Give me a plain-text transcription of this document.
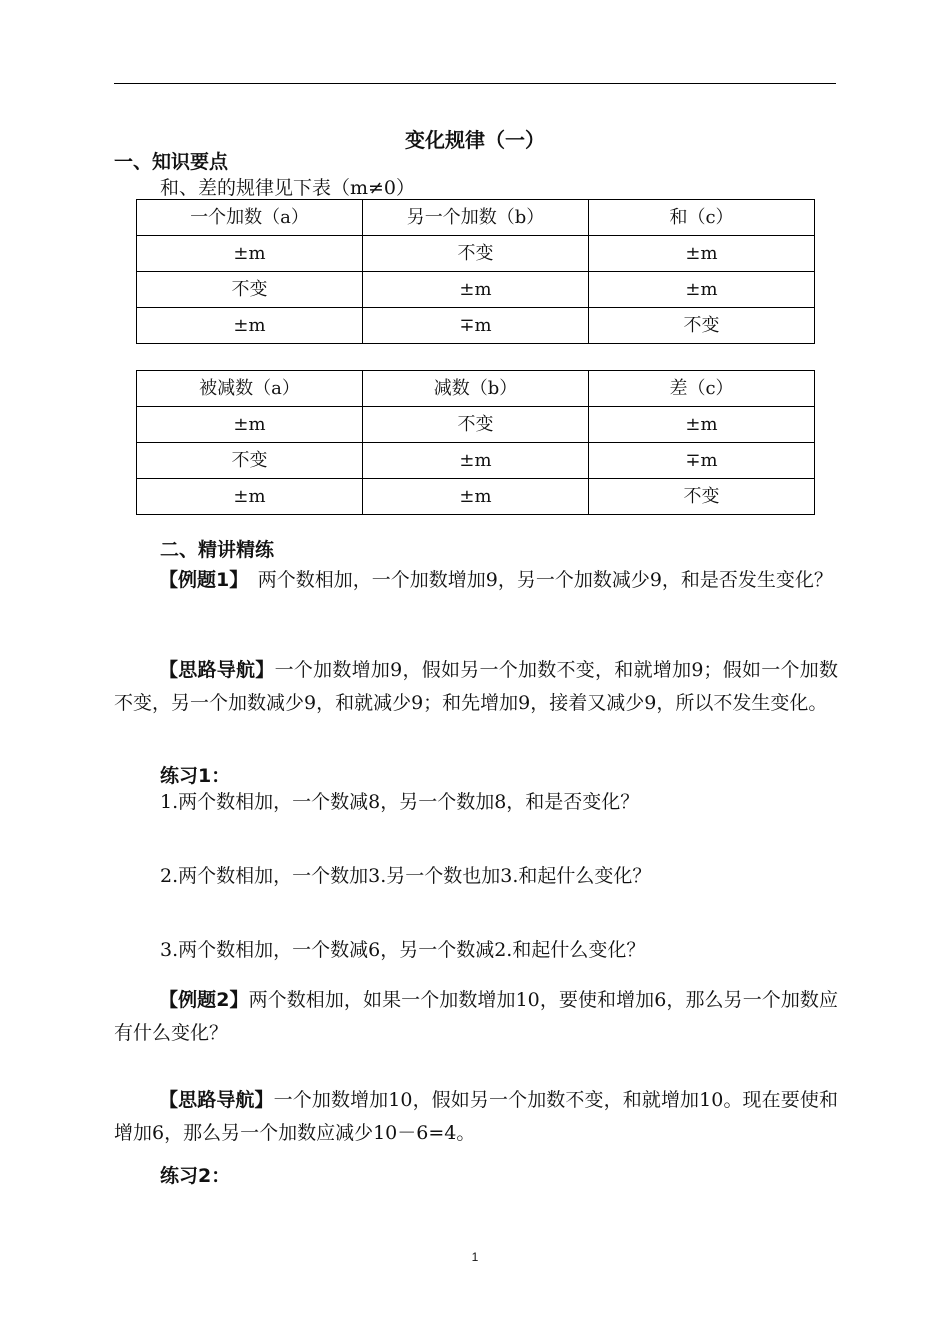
变化规律（一）
一、知识要点
和、差的规律见下表（m≠0）
一个加数（a）	另一个加数（b）	和（c）
±m	不变	±m
不变	±m	±m
±m	∓m	不变
被减数（a）	减数（b）	差（c）
±m	不变	±m
不变	±m	∓m
±m	±m	不变
二、精讲精练
【例题1】　两个数相加，一个加数增加9，另一个加数减少9，和是否发生变化？
【思路导航】一个加数增加9，假如另一个加数不变，和就增加9；假如一个加数不变，另一个加数减少9，和就减少9；和先增加9，接着又减少9，所以不发生变化。
练习1：
1.两个数相加，一个数减8，另一个数加8，和是否变化？
2.两个数相加，一个数加3.另一个数也加3.和起什么变化？
3.两个数相加，一个数减6，另一个数减2.和起什么变化？
【例题2】两个数相加，如果一个加数增加10，要使和增加6，那么另一个加数应有什么变化？
【思路导航】一个加数增加10，假如另一个加数不变，和就增加10。现在要使和增加6，那么另一个加数应减少10－6=4。
练习2：
1
